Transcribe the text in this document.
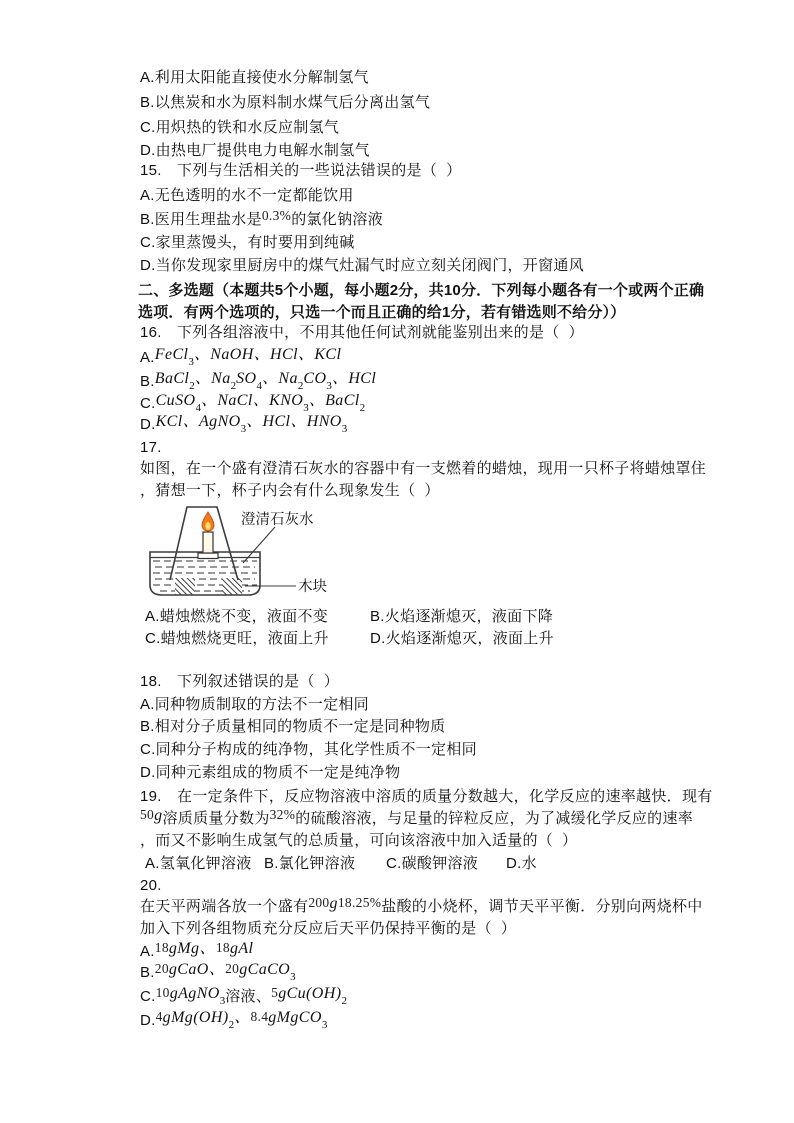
A.利用太阳能直接使水分解制氢气
B.以焦炭和水为原料制水煤气后分离出氢气
C.用炽热的铁和水反应制氢气
D.由热电厂提供电力电解水制氢气
15.　下列与生活相关的一些说法错误的是（  ）
A.无色透明的水不一定都能饮用
B.医用生理盐水是0.3%的氯化钠溶液
C.家里蒸馒头，有时要用到纯碱
D.当你发现家里厨房中的煤气灶漏气时应立刻关闭阀门，开窗通风
二、多选题（本题共5个小题，每小题2分，共10分．下列每小题各有一个或两个正确
选项．有两个选项的，只选一个而且正确的给1分，若有错选则不给分））
16.　下列各组溶液中，不用其他任何试剂就能鉴别出来的是（  ）
A.FeCl$_3$、NaOH、HCl、KCl
B.BaCl$_2$、$Na_2SO_4$、$Na_2CO_3$、HCl
C.CuSO$_4$、NaCl、$KNO_3$、BaCl$_2$
D.KCl、AgNO$_3$、HCl、$HNO_3$
17.
如图，在一个盛有澄清石灰水的容器中有一支燃着的蜡烛，现用一只杯子将蜡烛罩住
，猜想一下，杯子内会有什么现象发生（  ）
澄清石灰水
木块
A.蜡烛燃烧不变，液面不变	B.火焰逐渐熄灭，液面下降
C.蜡烛燃烧更旺，液面上升	D.火焰逐渐熄灭，液面上升
18.　下列叙述错误的是（  ）
A.同种物质制取的方法不一定相同
B.相对分子质量相同的物质不一定是同种物质
C.同种分子构成的纯净物，其化学性质不一定相同
D.同种元素组成的物质不一定是纯净物
19.　在一定条件下，反应物溶液中溶质的质量分数越大，化学反应的速率越快．现有
50g溶质质量分数为32%的硫酸溶液，与足量的锌粒反应，为了减缓化学反应的速率
，而又不影响生成氢气的总质量，可向该溶液中加入适量的（  ）
A.氢氧化钾溶液 B.氯化钾溶液 C.碳酸钾溶液 D.水
20.
在天平两端各放一个盛有200g18.25%盐酸的小烧杯，调节天平平衡．分别向两烧杯中
加入下列各组物质充分反应后天平仍保持平衡的是（  ）
A.18gMg、18gAl
B.20gCaO、20gCaCO$_3$
C.10gAgNO$_3$溶液、$5gCu(OH)_2$
$D.4gMg(OH)_2$、8.4gMgCO$_3$
